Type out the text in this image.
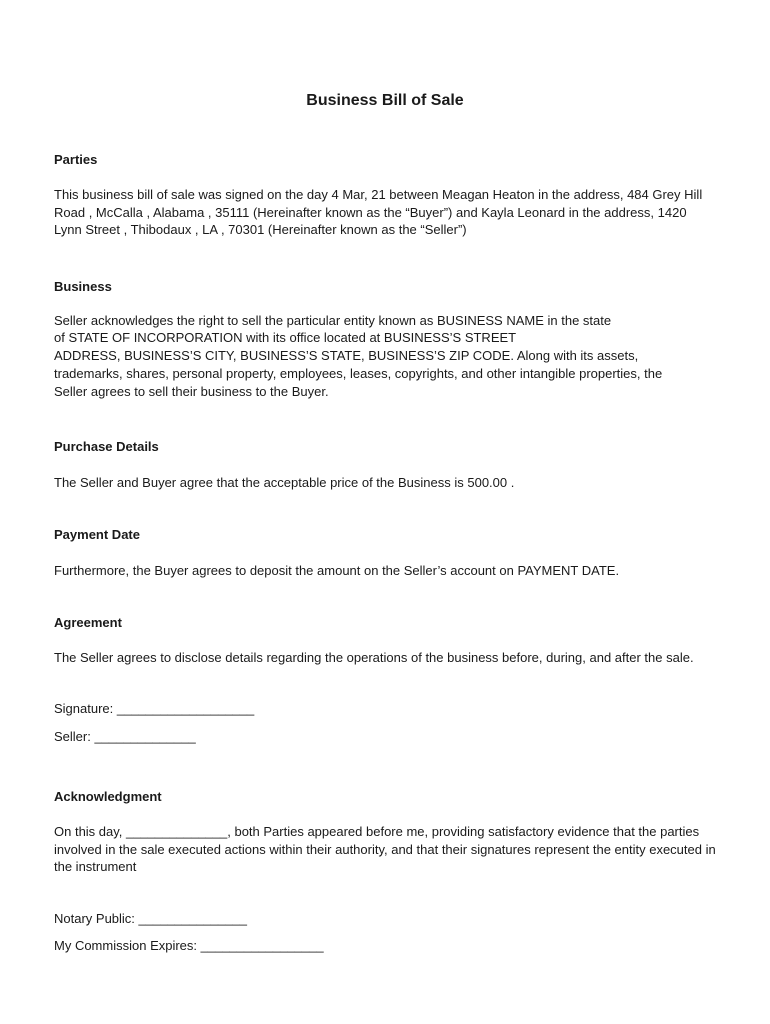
Business Bill of Sale
Parties

This business bill of sale was signed on the day 4 Mar, 21 between Meagan Heaton in the address, 484 Grey Hill Road , McCalla , Alabama , 35111 (Hereinafter known as the “Buyer”) and Kayla Leonard in the address, 1420 Lynn Street , Thibodaux , LA , 70301 (Hereinafter known as the “Seller”)

Business

Seller acknowledges the right to sell the particular entity known as BUSINESS NAME in the state

of STATE OF INCORPORATION with its office located at BUSINESS’S STREET

ADDRESS, BUSINESS’S CITY, BUSINESS’S STATE, BUSINESS’S ZIP CODE. Along with its assets,

trademarks, shares, personal property, employees, leases, copyrights, and other intangible properties, the

Seller agrees to sell their business to the Buyer.

Purchase Details

The Seller and Buyer agree that the acceptable price of the Business is 500.00 .

Payment Date

Furthermore, the Buyer agrees to deposit the amount on the Seller’s account on PAYMENT DATE.

Agreement

The Seller agrees to disclose details regarding the operations of the business before, during, and after the sale.

Signature: ___________________

Seller: ______________

Acknowledgment

On this day, ______________, both Parties appeared before me, providing satisfactory evidence that the parties involved in the sale executed actions within their authority, and that their signatures represent the entity executed in the instrument

Notary Public: _______________

My Commission Expires: _________________
